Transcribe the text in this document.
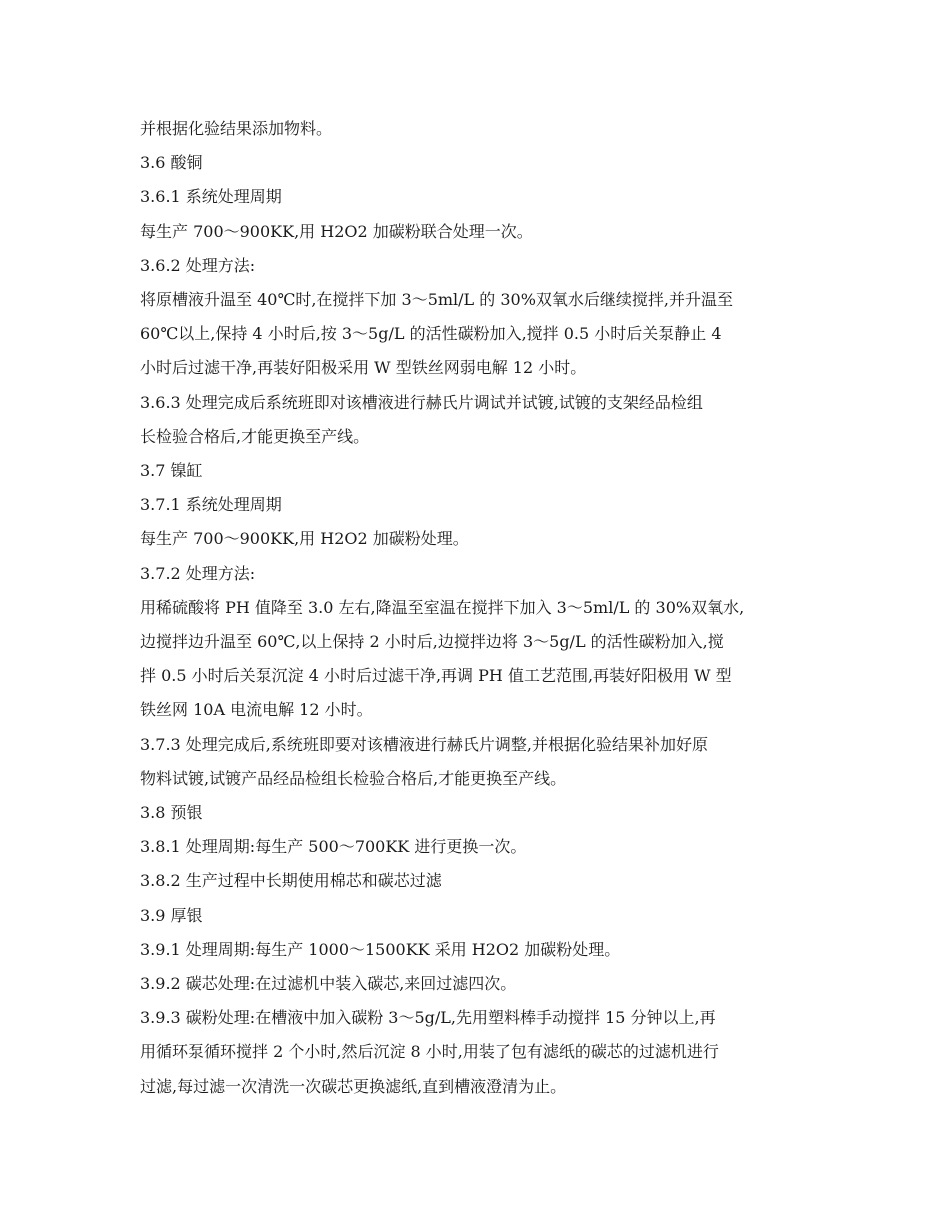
并根据化验结果添加物料。

3.6 酸铜

3.6.1 系统处理周期

每生产 700～900KK,用 H2O2 加碳粉联合处理一次。

3.6.2 处理方法:

将原槽液升温至 40℃时,在搅拌下加 3～5ml/L 的 30%双氧水后继续搅拌,并升温至

60℃以上,保持 4 小时后,按 3～5g/L 的活性碳粉加入,搅拌 0.5 小时后关泵静止 4

小时后过滤干净,再装好阳极采用 W 型铁丝网弱电解 12 小时。

3.6.3 处理完成后系统班即对该槽液进行赫氏片调试并试镀,试镀的支架经品检组

长检验合格后,才能更换至产线。

3.7 镍缸

3.7.1 系统处理周期

每生产 700～900KK,用 H2O2 加碳粉处理。

3.7.2 处理方法:

用稀硫酸将 PH 值降至 3.0 左右,降温至室温在搅拌下加入 3～5ml/L 的 30%双氧水,

边搅拌边升温至 60℃,以上保持 2 小时后,边搅拌边将 3～5g/L 的活性碳粉加入,搅

拌 0.5 小时后关泵沉淀 4 小时后过滤干净,再调 PH 值工艺范围,再装好阳极用 W 型

铁丝网 10A 电流电解 12 小时。

3.7.3 处理完成后,系统班即要对该槽液进行赫氏片调整,并根据化验结果补加好原

物料试镀,试镀产品经品检组长检验合格后,才能更换至产线。

3.8 预银

3.8.1 处理周期:每生产 500～700KK 进行更换一次。

3.8.2 生产过程中长期使用棉芯和碳芯过滤

3.9 厚银

3.9.1 处理周期:每生产 1000～1500KK 采用 H2O2 加碳粉处理。

3.9.2 碳芯处理:在过滤机中装入碳芯,来回过滤四次。

3.9.3 碳粉处理:在槽液中加入碳粉 3～5g/L,先用塑料棒手动搅拌 15 分钟以上,再

用循环泵循环搅拌 2 个小时,然后沉淀 8 小时,用装了包有滤纸的碳芯的过滤机进行

过滤,每过滤一次清洗一次碳芯更换滤纸,直到槽液澄清为止。
